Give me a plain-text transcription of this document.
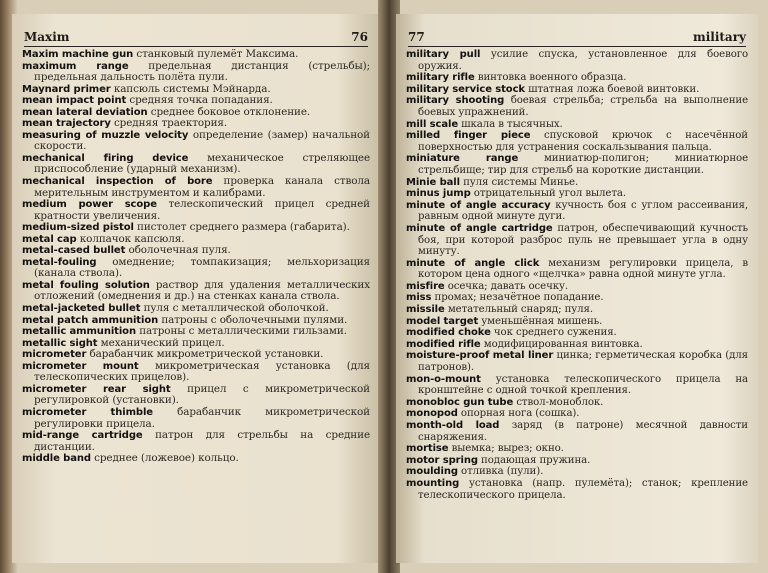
Maxim	76

Maxim machine gun станковый пулемёт Максима.

maximum range предельная дистанция (стрельбы); предельная дальность полёта пули.

Maynard primer капсюль системы Мэйнарда.

mean impact point средняя точка попадания.

mean lateral deviation среднее боковое отклонение.

mean trajectory средняя траектория.

measuring of muzzle velocity определение (замер) начальной скорости.

mechanical firing device механическое стреляющее приспособление (ударный механизм).

mechanical inspection of bore проверка канала ствола мерительным инструментом и калибрами.

medium power scope телескопический прицел средней кратности увеличения.

medium-sized pistol пистолет среднего размера (габарита).

metal cap колпачок капсюля.

metal-cased bullet оболочечная пуля.

metal-fouling омеднение; томпакизация; мельхоризация (канала ствола).

metal fouling solution раствор для удаления металлических отложений (омеднения и др.) на стенках канала ствола.

metal-jacketed bullet пуля с металлической оболочкой.

metal patch ammunition патроны с оболочечными пулями.

metallic ammunition патроны с металлическими гильзами.

metallic sight механический прицел.

micrometer барабанчик микрометрической установки.

micrometer mount микрометрическая установка (для телескопических прицелов).

micrometer rear sight прицел с микрометрической регулировкой (установки).

micrometer thimble барабанчик микрометрической регулировки прицела.

mid-range cartridge патрон для стрельбы на средние дистанции.

middle band среднее (ложевое) кольцо.

77	military

military pull усилие спуска, установленное для боевого оружия.

military rifle винтовка военного образца.

military service stock штатная ложа боевой винтовки.

military shooting боевая стрельба; стрельба на выполнение боевых упражнений.

mill scale шкала в тысячных.

milled finger piece спусковой крючок с насечённой поверхностью для устранения соскальзывания пальца.

miniature range	миниатюр-полигон; миниатюрное стрельбище; тир для стрельб на короткие дистанции.

Minie ball пуля системы Минье.

minus jump отрицательный угол вылета.

minute of angle accuracy кучность боя с углом рассеивания, равным одной минуте дуги.

minute of angle cartridge патрон, обеспечивающий кучность боя, при которой разброс пуль не превышает угла в одну минуту.

minute of angle click механизм регулировки прицела, в котором цена одного «щелчка» равна одной минуте угла.

misfire осечка; давать осечку.

miss промах; незачётное попадание.

missile метательный снаряд; пуля.

model target уменьшённая мишень.

modified choke чок среднего сужения.

modified rifle модифицированная винтовка.

moisture-proof metal liner цинка; герметическая коробка (для патронов).

mon-o-mount установка телескопического прицела на кронштейне с одной точкой крепления.

monobloc gun tube ствол-моноблок.

monopod опорная нога (сошка).

month-old load заряд (в патроне) месячной давности снаряжения.

mortise выемка; вырез; окно.

motor spring подающая пружина.

moulding отливка (пули).

mounting установка (напр. пулемёта); станок; крепление телескопического прицела.
